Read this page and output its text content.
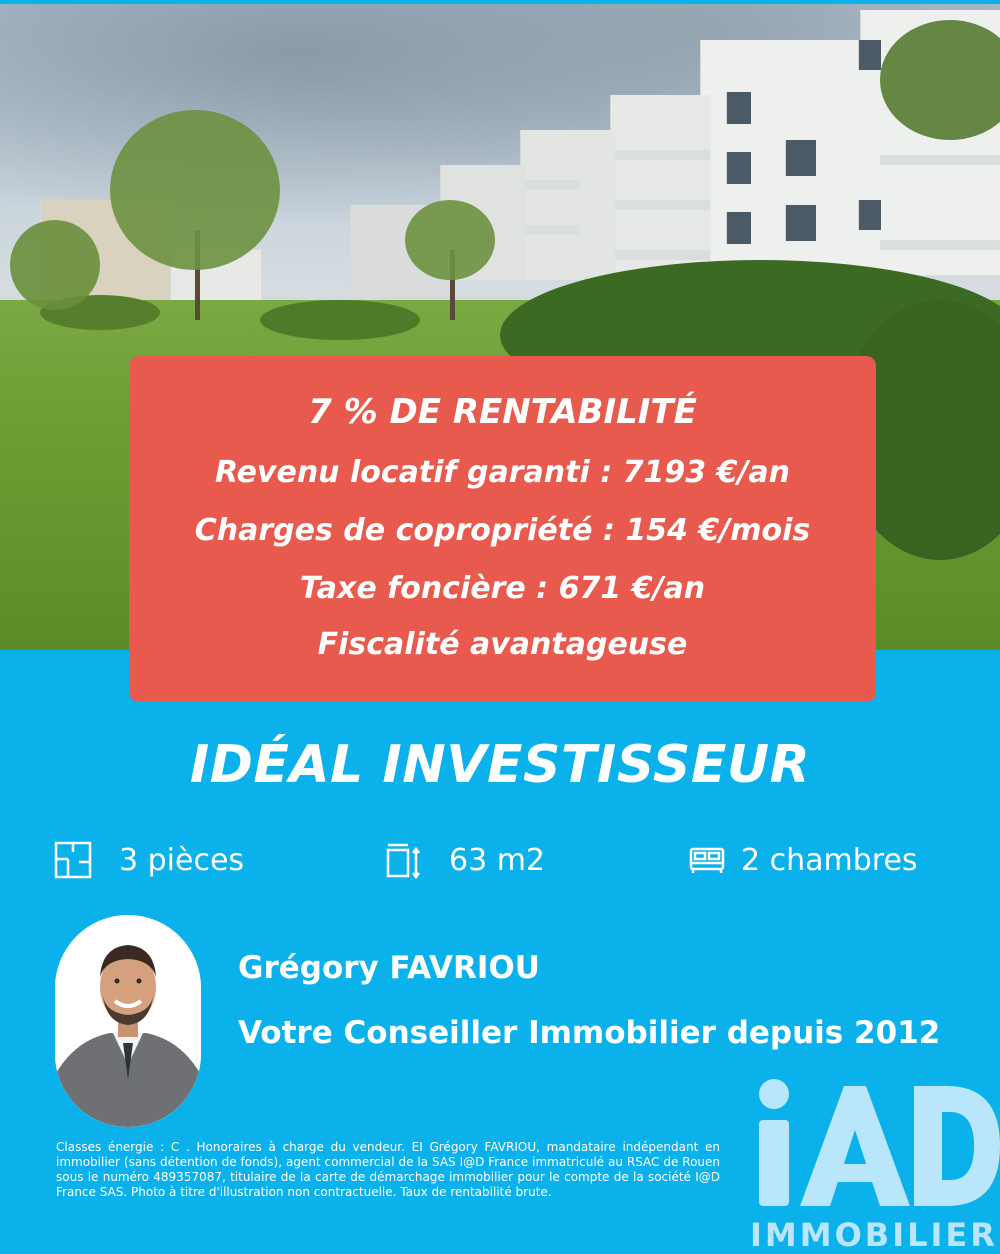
7 % DE RENTABILITÉ
Revenu locatif garanti : 7193 €/an
Charges de copropriété : 154 €/mois
Taxe foncière : 671 €/an
Fiscalité avantageuse
IDÉAL INVESTISSEUR
3 pièces	63 m2	2 chambres
Grégory FAVRIOU
Votre Conseiller Immobilier depuis 2012
Classes énergie : C . Honoraires à charge du vendeur. EI Grégory FAVRIOU, mandataire indépendant en immobilier (sans détention de fonds), agent commercial de la SAS I@D France immatriculé au RSAC de Rouen sous le numéro 489357087, titulaire de la carte de démarchage immobilier pour le compte de la société I@D France SAS. Photo à titre d'illustration non contractuelle. Taux de rentabilité brute.
IMMOBILIER
